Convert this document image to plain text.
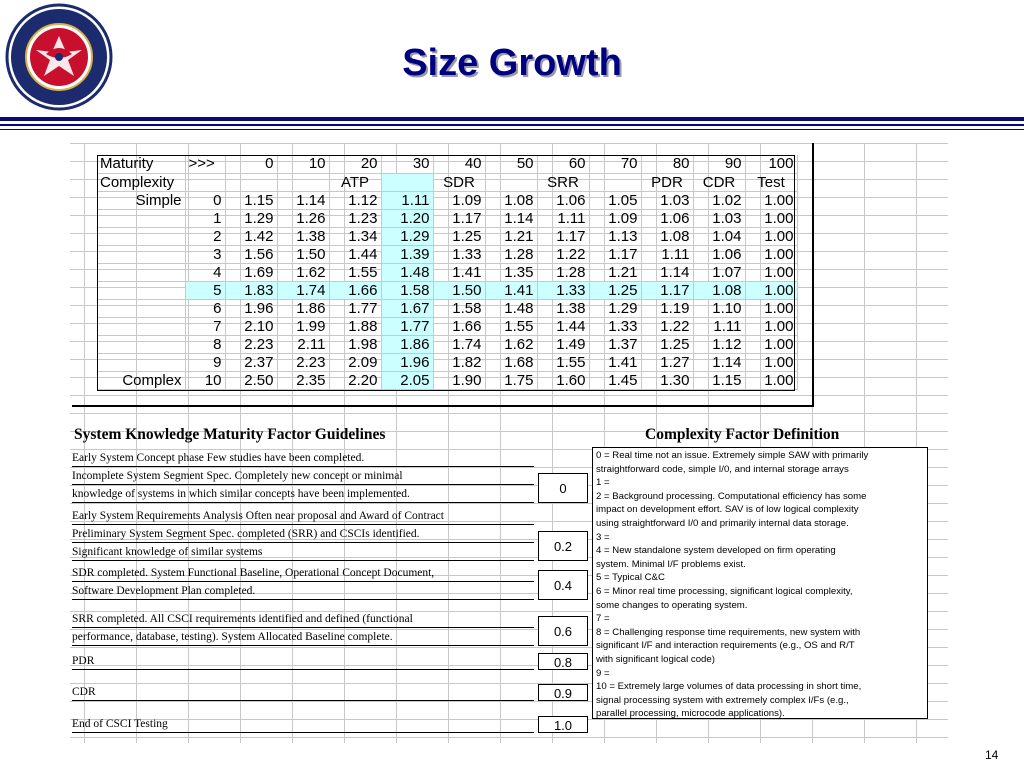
Size Growth
Maturity	>>>	0	10	20	30	40	50	60	70	80	90	100
Complexity				ATP		SDR		SRR		PDR	CDR	Test
Simple	0	1.15	1.14	1.12	1.11	1.09	1.08	1.06	1.05	1.03	1.02	1.00
	1	1.29	1.26	1.23	1.20	1.17	1.14	1.11	1.09	1.06	1.03	1.00
	2	1.42	1.38	1.34	1.29	1.25	1.21	1.17	1.13	1.08	1.04	1.00
	3	1.56	1.50	1.44	1.39	1.33	1.28	1.22	1.17	1.11	1.06	1.00
	4	1.69	1.62	1.55	1.48	1.41	1.35	1.28	1.21	1.14	1.07	1.00
	5	1.83	1.74	1.66	1.58	1.50	1.41	1.33	1.25	1.17	1.08	1.00
	6	1.96	1.86	1.77	1.67	1.58	1.48	1.38	1.29	1.19	1.10	1.00
	7	2.10	1.99	1.88	1.77	1.66	1.55	1.44	1.33	1.22	1.11	1.00
	8	2.23	2.11	1.98	1.86	1.74	1.62	1.49	1.37	1.25	1.12	1.00
	9	2.37	2.23	2.09	1.96	1.82	1.68	1.55	1.41	1.27	1.14	1.00
Complex	10	2.50	2.35	2.20	2.05	1.90	1.75	1.60	1.45	1.30	1.15	1.00
System Knowledge Maturity Factor Guidelines	Complexity Factor Definition
Early System Concept phase Few studies have been completed.
Incomplete System Segment Spec. Completely new concept or minimal
knowledge of systems in which similar concepts have been implemented.	0
Early System Requirements Analysis Often near proposal and Award of Contract
Preliminary System Segment Spec. completed (SRR) and CSCIs identified.
Significant knowledge of similar systems	0.2
SDR completed. System Functional Baseline, Operational Concept Document,
Software Development Plan completed.	0.4
SRR completed. All CSCI requirements identified and defined (functional
performance, database, testing). System Allocated Baseline complete.	0.6
PDR	0.8
CDR	0.9
End of CSCI Testing	1.0
0 = Real time not an issue. Extremely simple SAW with primarily
straightforward code, simple I/0, and internal storage arrays
1 =
2 = Background processing. Computational efficiency has some
impact on development effort. SAV is of low logical complexity
using straightforward I/0 and primarily internal data storage.
3 =
4 = New standalone system developed on firm operating
system. Minimal I/F problems exist.
5 = Typical C&C
6 = Minor real time processing, significant logical complexity,
some changes to operating system.
7 =
8 = Challenging response time requirements, new system with
significant I/F and interaction requirements (e.g., OS and R/T
with significant logical code)
9 =
10 = Extremely large volumes of data processing in short time,
signal processing system with extremely complex I/Fs (e.g.,
parallel processing, microcode applications).
14
